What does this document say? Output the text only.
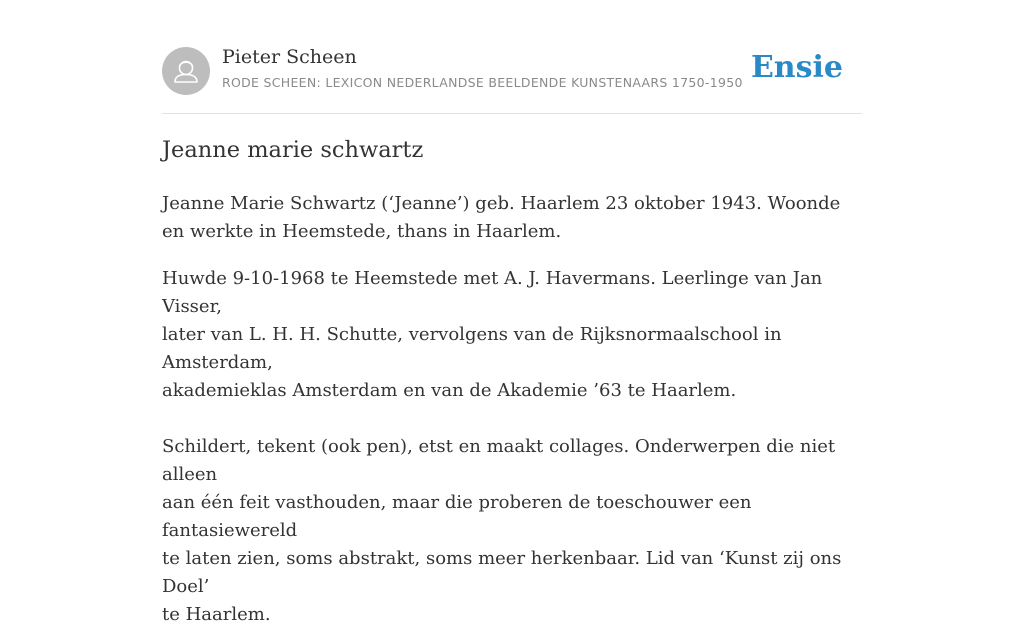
Pieter Scheen
RODE SCHEEN: LEXICON NEDERLANDSE BEELDENDE KUNSTENAARS 1750-1950 Ensie
Jeanne marie schwartz

Jeanne Marie Schwartz (‘Jeanne’) geb. Haarlem 23 oktober 1943. Woonde en werkte in Heemstede, thans in Haarlem.

Huwde 9-10-1968 te Heemstede met A. J. Havermans. Leerlinge van Jan Visser,

later van L. H. H. Schutte, vervolgens van de Rijksnormaalschool in Amsterdam,

akademieklas Amsterdam en van de Akademie ’63 te Haarlem.

Schildert, tekent (ook pen), etst en maakt collages. Onderwerpen die niet alleen

aan één feit vasthouden, maar die proberen de toeschouwer een fantasiewereld

te laten zien, soms abstrakt, soms meer herkenbaar. Lid van ‘Kunst zij ons Doel’

te Haarlem.
